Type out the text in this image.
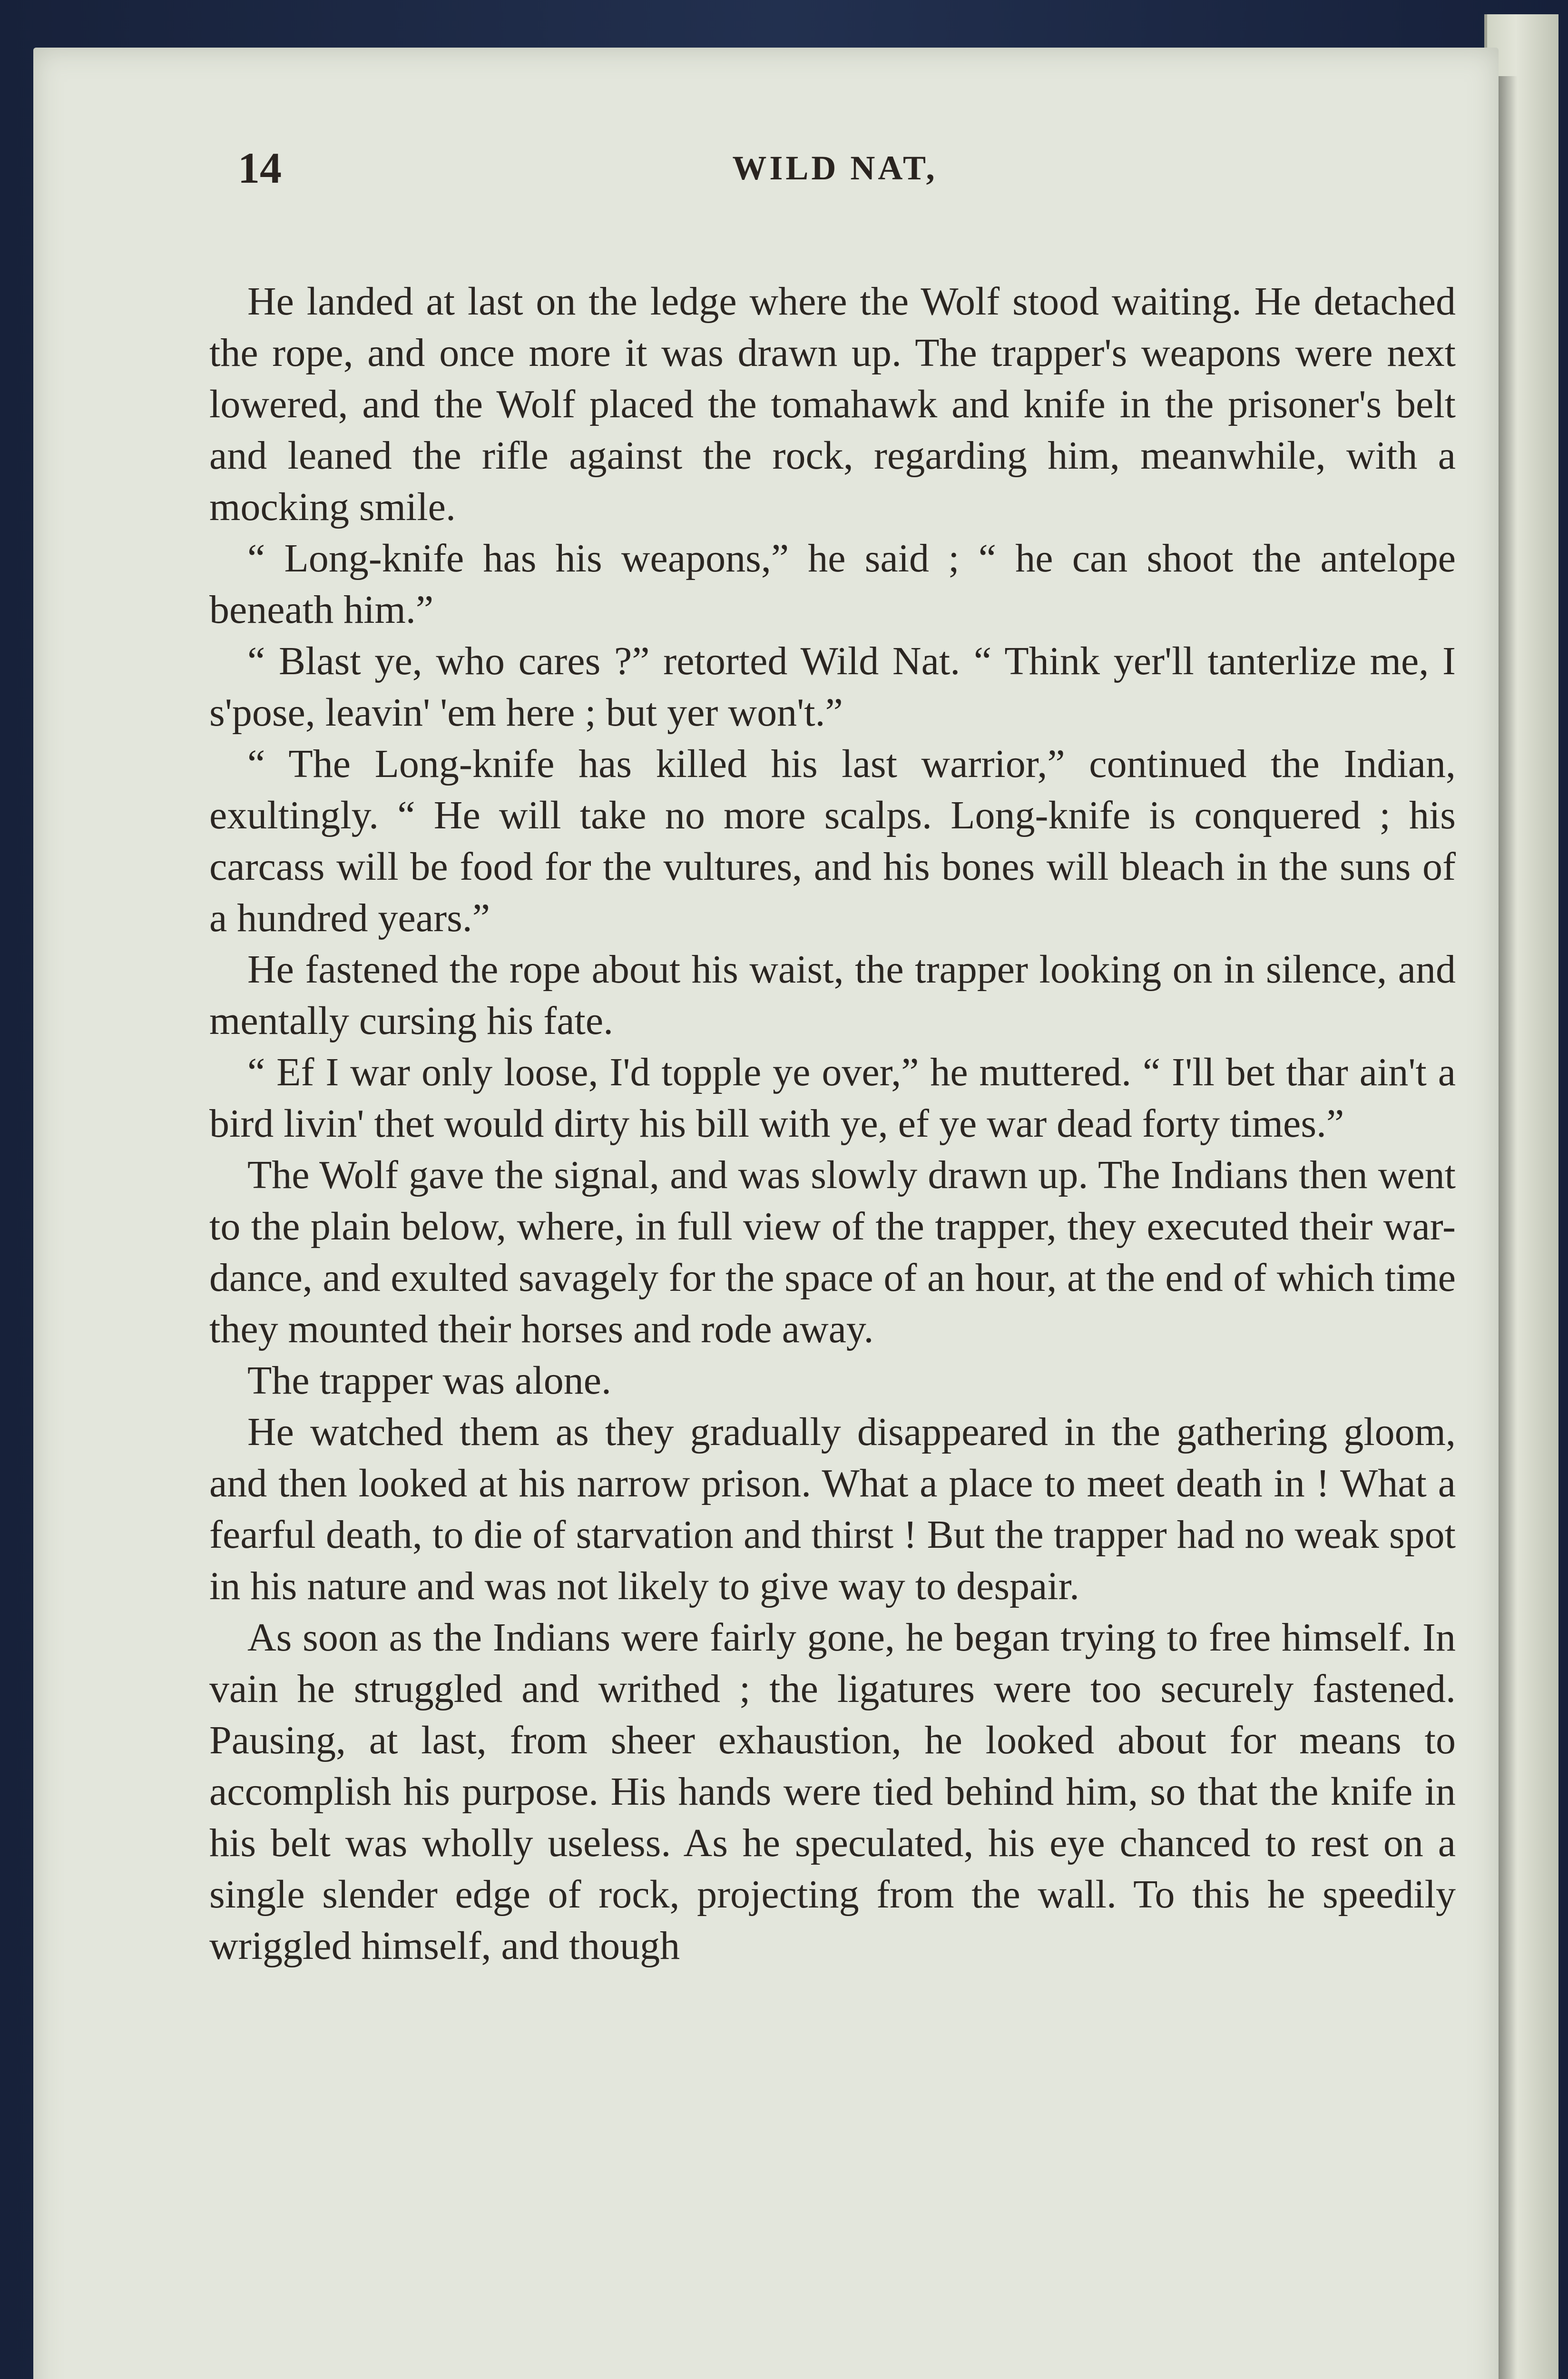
14	WILD NAT,

He landed at last on the ledge where the Wolf stood waiting. He detached the rope, and once more it was drawn up. The trapper's weapons were next lowered, and the Wolf placed the tomahawk and knife in the prisoner's belt and leaned the rifle against the rock, regarding him, meanwhile, with a mocking smile.

“ Long-knife has his weapons,” he said ; “ he can shoot the antelope beneath him.”

“ Blast ye, who cares ?” retorted Wild Nat. “ Think yer'll tanterlize me, I s'pose, leavin' 'em here ; but yer won't.”

“ The Long-knife has killed his last warrior,” continued the Indian, exultingly. “ He will take no more scalps. Long-knife is conquered ; his carcass will be food for the vultures, and his bones will bleach in the suns of a hundred years.”

He fastened the rope about his waist, the trapper looking on in silence, and mentally cursing his fate.

“ Ef I war only loose, I'd topple ye over,” he muttered. “ I'll bet thar ain't a bird livin' thet would dirty his bill with ye, ef ye war dead forty times.”

The Wolf gave the signal, and was slowly drawn up. The Indians then went to the plain below, where, in full view of the trapper, they executed their war-dance, and exulted savagely for the space of an hour, at the end of which time they mounted their horses and rode away.

The trapper was alone.

He watched them as they gradually disappeared in the gathering gloom, and then looked at his narrow prison. What a place to meet death in ! What a fearful death, to die of starvation and thirst ! But the trapper had no weak spot in his nature and was not likely to give way to despair.

As soon as the Indians were fairly gone, he began trying to free himself. In vain he struggled and writhed ; the ligatures were too securely fastened. Pausing, at last, from sheer exhaustion, he looked about for means to accomplish his purpose. His hands were tied behind him, so that the knife in his belt was wholly useless. As he speculated, his eye chanced to rest on a single slender edge of rock, projecting from the wall. To this he speedily wriggled himself, and though
